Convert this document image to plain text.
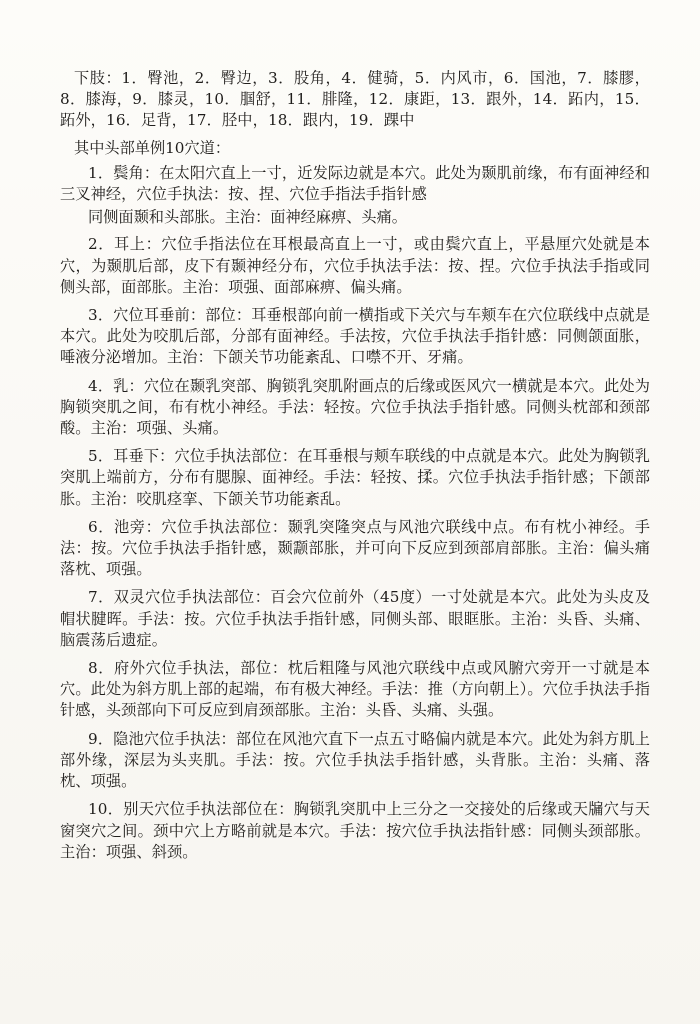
下肢：1．臀池，2．臀边，3．股角，4．健骑，5．内风市，6．国池，7．膝膠，8．膝海，9．膝灵，10．腘舒，11．腓隆，12．康距，13．跟外，14．跖内，15．跖外，16．足背，17．胫中，18．跟内，19．踝中

其中头部单例10穴道：

1．鬓角：在太阳穴直上一寸，近发际边就是本穴。此处为颞肌前缘，布有面神经和三叉神经，穴位手执法：按、捏、穴位手指法手指针感

同侧面颞和头部胀。主治：面神经麻痹、头痛。

2．耳上：穴位手指法位在耳根最高直上一寸，或由鬓穴直上，平悬厘穴处就是本穴，为颞肌后部，皮下有颞神经分布，穴位手执法手法：按、捏。穴位手执法手指或同侧头部，面部胀。主治：项强、面部麻痹、偏头痛。

3．穴位耳垂前：部位：耳垂根部向前一横指或下关穴与车颊车在穴位联线中点就是本穴。此处为咬肌后部，分部有面神经。手法按，穴位手执法手指针感：同侧颌面胀，唾液分泌增加。主治：下颌关节功能紊乱、口噤不开、牙痛。

4．乳：穴位在颞乳突部、胸锁乳突肌附画点的后缘或医风穴一横就是本穴。此处为胸锁突肌之间，布有枕小神经。手法：轻按。穴位手执法手指针感。同侧头枕部和颈部酸。主治：项强、头痛。

5．耳垂下：穴位手执法部位：在耳垂根与颊车联线的中点就是本穴。此处为胸锁乳突肌上端前方，分布有腮腺、面神经。手法：轻按、揉。穴位手执法手指针感；下颌部胀。主治：咬肌痉挛、下颌关节功能紊乱。

6．池旁：穴位手执法部位：颞乳突隆突点与风池穴联线中点。布有枕小神经。手法：按。穴位手执法手指针感，颞颥部胀，并可向下反应到颈部肩部胀。主治：偏头痛落枕、项强。

7．双灵穴位手执法部位：百会穴位前外（45度）一寸处就是本穴。此处为头皮及帽状腱晖。手法：按。穴位手执法手指针感，同侧头部、眼眶胀。主治：头昏、头痛、脑震荡后遗症。

8．府外穴位手执法，部位：枕后粗隆与风池穴联线中点或风腑穴旁开一寸就是本穴。此处为斜方肌上部的起端，布有极大神经。手法：推（方向朝上）。穴位手执法手指针感，头颈部向下可反应到肩颈部胀。主治：头昏、头痛、头强。

9．隐池穴位手执法：部位在风池穴直下一点五寸略偏内就是本穴。此处为斜方肌上部外缘，深层为头夹肌。手法：按。穴位手执法手指针感，头背胀。主治：头痛、落枕、项强。

10．别天穴位手执法部位在：胸锁乳突肌中上三分之一交接处的后缘或天牖穴与天窗突穴之间。颈中穴上方略前就是本穴。手法：按穴位手执法指针感：同侧头颈部胀。主治：项强、斜颈。
